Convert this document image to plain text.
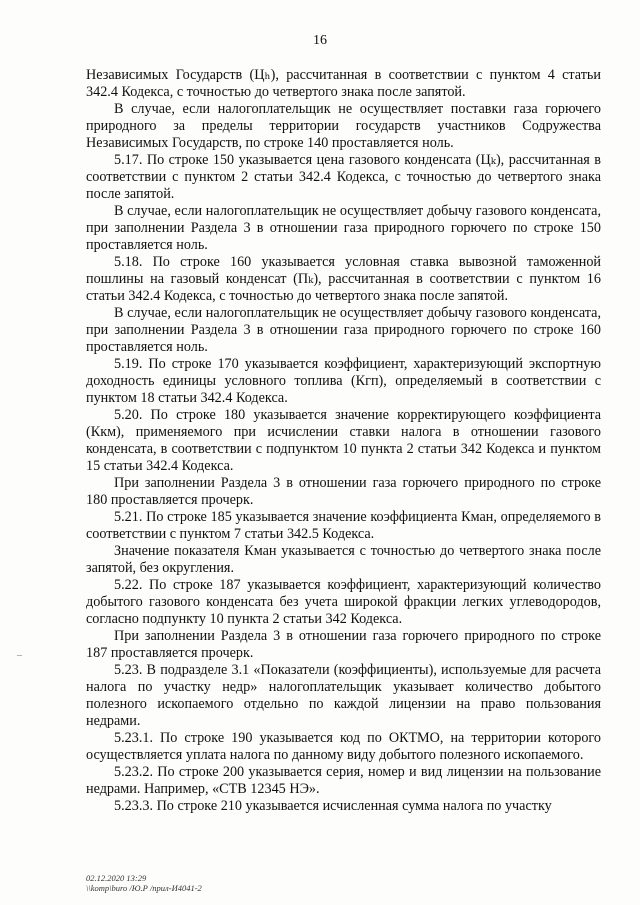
16
–

Независимых Государств (Цₕ), рассчитанная в соответствии с пунктом 4 статьи 342.4 Кодекса, с точностью до четвертого знака после запятой.

В случае, если налогоплательщик не осуществляет поставки газа горючего природного за пределы территории государств участников Содружества Независимых Государств, по строке 140 проставляется ноль.

5.17. По строке 150 указывается цена газового конденсата (Цₖ), рассчитанная в соответствии с пунктом 2 статьи 342.4 Кодекса, с точностью до четвертого знака после запятой.

В случае, если налогоплательщик не осуществляет добычу газового конденсата, при заполнении Раздела 3 в отношении газа природного горючего по строке 150 проставляется ноль.

5.18. По строке 160 указывается условная ставка вывозной таможенной пошлины на газовый конденсат (Пₖ), рассчитанная в соответствии с пунктом 16 статьи 342.4 Кодекса, с точностью до четвертого знака после запятой.

В случае, если налогоплательщик не осуществляет добычу газового конденсата, при заполнении Раздела 3 в отношении газа природного горючего по строке 160 проставляется ноль.

5.19. По строке 170 указывается коэффициент, характеризующий экспортную доходность единицы условного топлива (Кгп), определяемый в соответствии с пунктом 18 статьи 342.4 Кодекса.

5.20. По строке 180 указывается значение корректирующего коэффициента (Ккм), применяемого при исчислении ставки налога в отношении газового конденсата, в соответствии с подпунктом 10 пункта 2 статьи 342 Кодекса и пунктом 15 статьи 342.4 Кодекса.

При заполнении Раздела 3 в отношении газа горючего природного по строке 180 проставляется прочерк.

5.21. По строке 185 указывается значение коэффициента Кман, определяемого в соответствии с пунктом 7 статьи 342.5 Кодекса.

Значение показателя Кман указывается с точностью до четвертого знака после запятой, без округления.

5.22. По строке 187 указывается коэффициент, характеризующий количество добытого газового конденсата без учета широкой фракции легких углеводородов, согласно подпункту 10 пункта 2 статьи 342 Кодекса.

При заполнении Раздела 3 в отношении газа горючего природного по строке 187 проставляется прочерк.

5.23. В подразделе 3.1 «Показатели (коэффициенты), используемые для расчета налога по участку недр» налогоплательщик указывает количество добытого полезного ископаемого отдельно по каждой лицензии на право пользования недрами.

5.23.1. По строке 190 указывается код по ОКТМО, на территории которого осуществляется уплата налога по данному виду добытого полезного ископаемого.

5.23.2. По строке 200 указывается серия, номер и вид лицензии на пользование недрами. Например, «СТВ 12345 НЭ».

5.23.3. По строке 210 указывается исчисленная сумма налога по участку

02.12.2020 13:29
\\komp\buro /Ю.Р /прил-И4041-2
